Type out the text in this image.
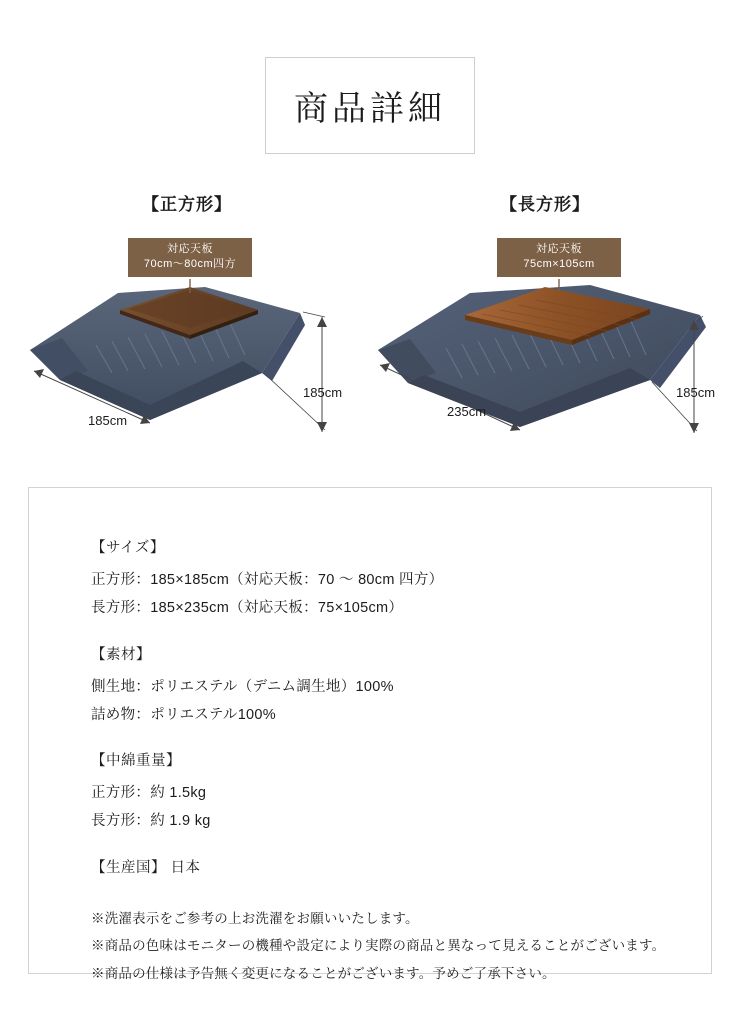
商品詳細
【正方形】
対応天板
70cm〜80cm四方
185cm
185cm
【長方形】
対応天板
75cm×105cm
235cm
185cm
【サイズ】
正方形：185×185cm（対応天板：70 〜 80cm 四方）
長方形：185×235cm（対応天板：75×105cm）
【素材】
側生地：ポリエステル（デニム調生地）100%
詰め物：ポリエステル100%
【中綿重量】
正方形：約 1.5kg
長方形：約 1.9 kg
【生産国】 日本
※洗濯表示をご参考の上お洗濯をお願いいたします。
※商品の色味はモニターの機種や設定により実際の商品と異なって見えることがございます。
※商品の仕様は予告無く変更になることがございます。予めご了承下さい。
